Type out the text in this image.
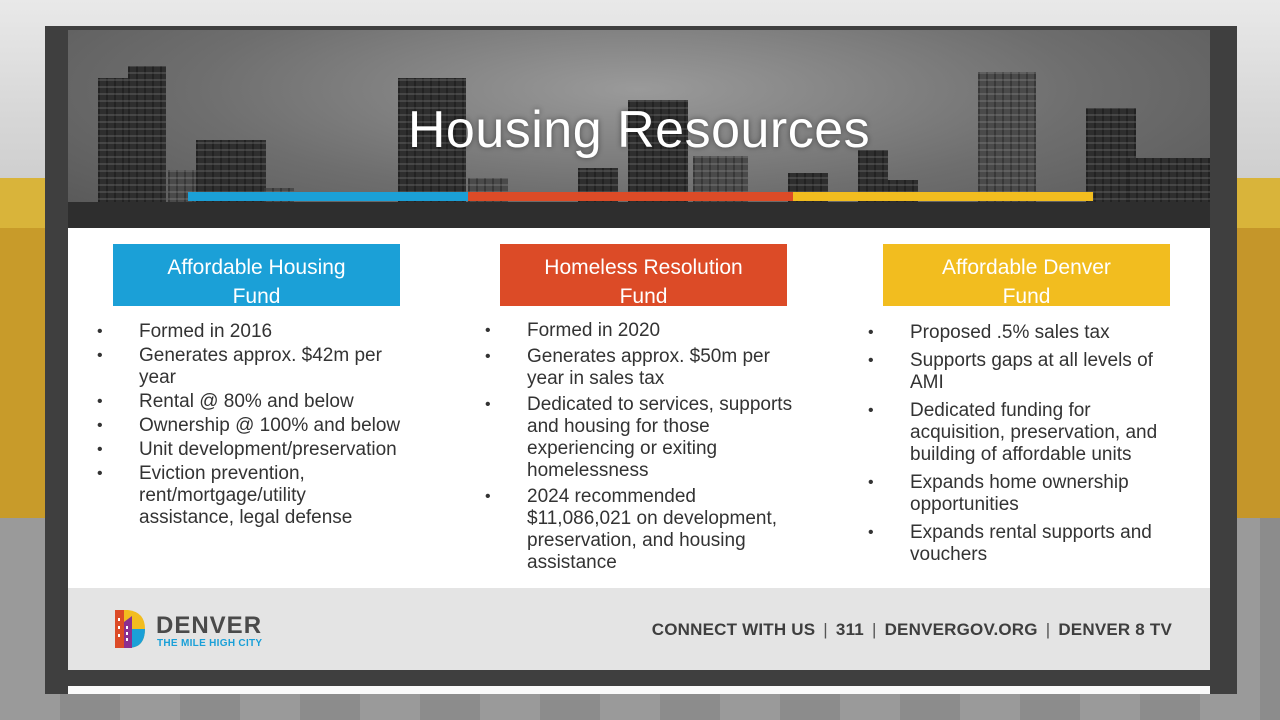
Housing Resources
Affordable Housing
Fund
• Formed in 2016
• Generates approx. $42m per year
• Rental @ 80% and below
• Ownership @ 100% and below
• Unit development/preservation
• Eviction prevention, rent/mortgage/utility assistance, legal defense
Homeless Resolution
Fund
• Formed in 2020
• Generates approx. $50m per year in sales tax
• Dedicated to services, supports and housing for those experiencing or exiting homelessness
• 2024 recommended $11,086,021 on development, preservation, and housing assistance
Affordable Denver
Fund
• Proposed .5% sales tax
• Supports gaps at all levels of AMI
• Dedicated funding for acquisition, preservation, and building of affordable units
• Expands home ownership opportunities
• Expands rental supports and vouchers
DENVER
THE MILE HIGH CITY
CONNECT WITH US | 311 | DENVERGOV.ORG | DENVER 8 TV
